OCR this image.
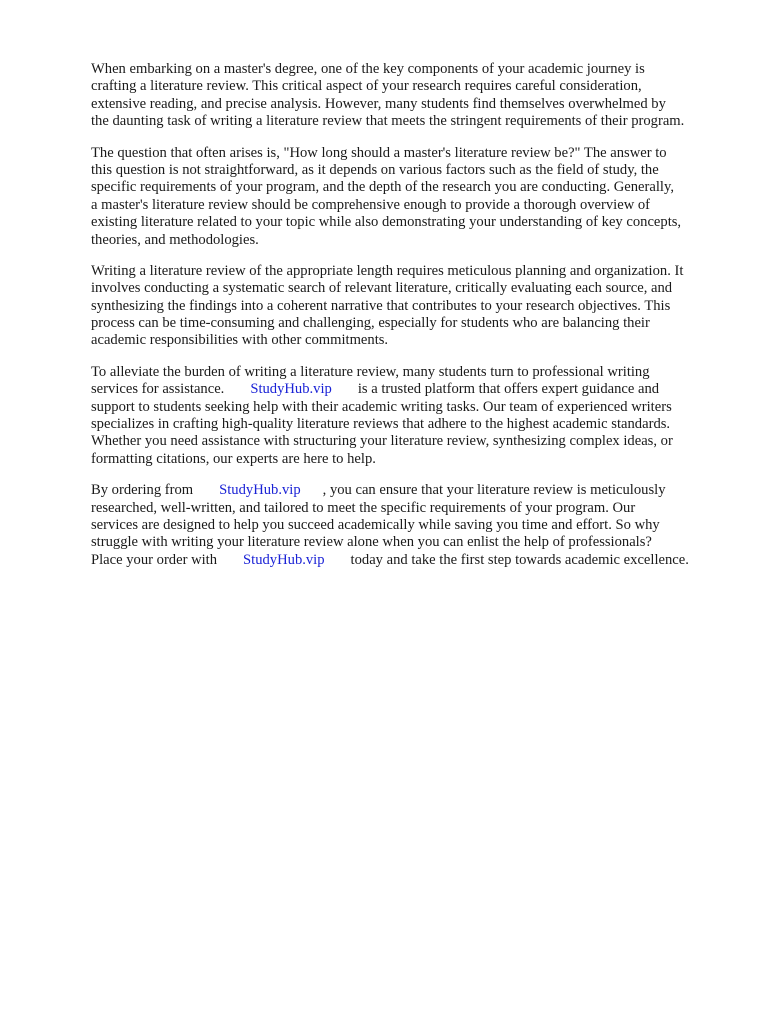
When embarking on a master's degree, one of the key components of your academic journey is
crafting a literature review. This critical aspect of your research requires careful consideration,
extensive reading, and precise analysis. However, many students find themselves overwhelmed by
the daunting task of writing a literature review that meets the stringent requirements of their program.
The question that often arises is, "How long should a master's literature review be?" The answer to
this question is not straightforward, as it depends on various factors such as the field of study, the
specific requirements of your program, and the depth of the research you are conducting. Generally,
a master's literature review should be comprehensive enough to provide a thorough overview of
existing literature related to your topic while also demonstrating your understanding of key concepts,
theories, and methodologies.
Writing a literature review of the appropriate length requires meticulous planning and organization. It
involves conducting a systematic search of relevant literature, critically evaluating each source, and
synthesizing the findings into a coherent narrative that contributes to your research objectives. This
process can be time-consuming and challenging, especially for students who are balancing their
academic responsibilities with other commitments.
To alleviate the burden of writing a literature review, many students turn to professional writing
services for assistance. StudyHub.vip is a trusted platform that offers expert guidance and
support to students seeking help with their academic writing tasks. Our team of experienced writers
specializes in crafting high-quality literature reviews that adhere to the highest academic standards.
Whether you need assistance with structuring your literature review, synthesizing complex ideas, or
formatting citations, our experts are here to help.
By ordering from StudyHub.vip , you can ensure that your literature review is meticulously
researched, well-written, and tailored to meet the specific requirements of your program. Our
services are designed to help you succeed academically while saving you time and effort. So why
struggle with writing your literature review alone when you can enlist the help of professionals?
Place your order with StudyHub.vip today and take the first step towards academic excellence.
